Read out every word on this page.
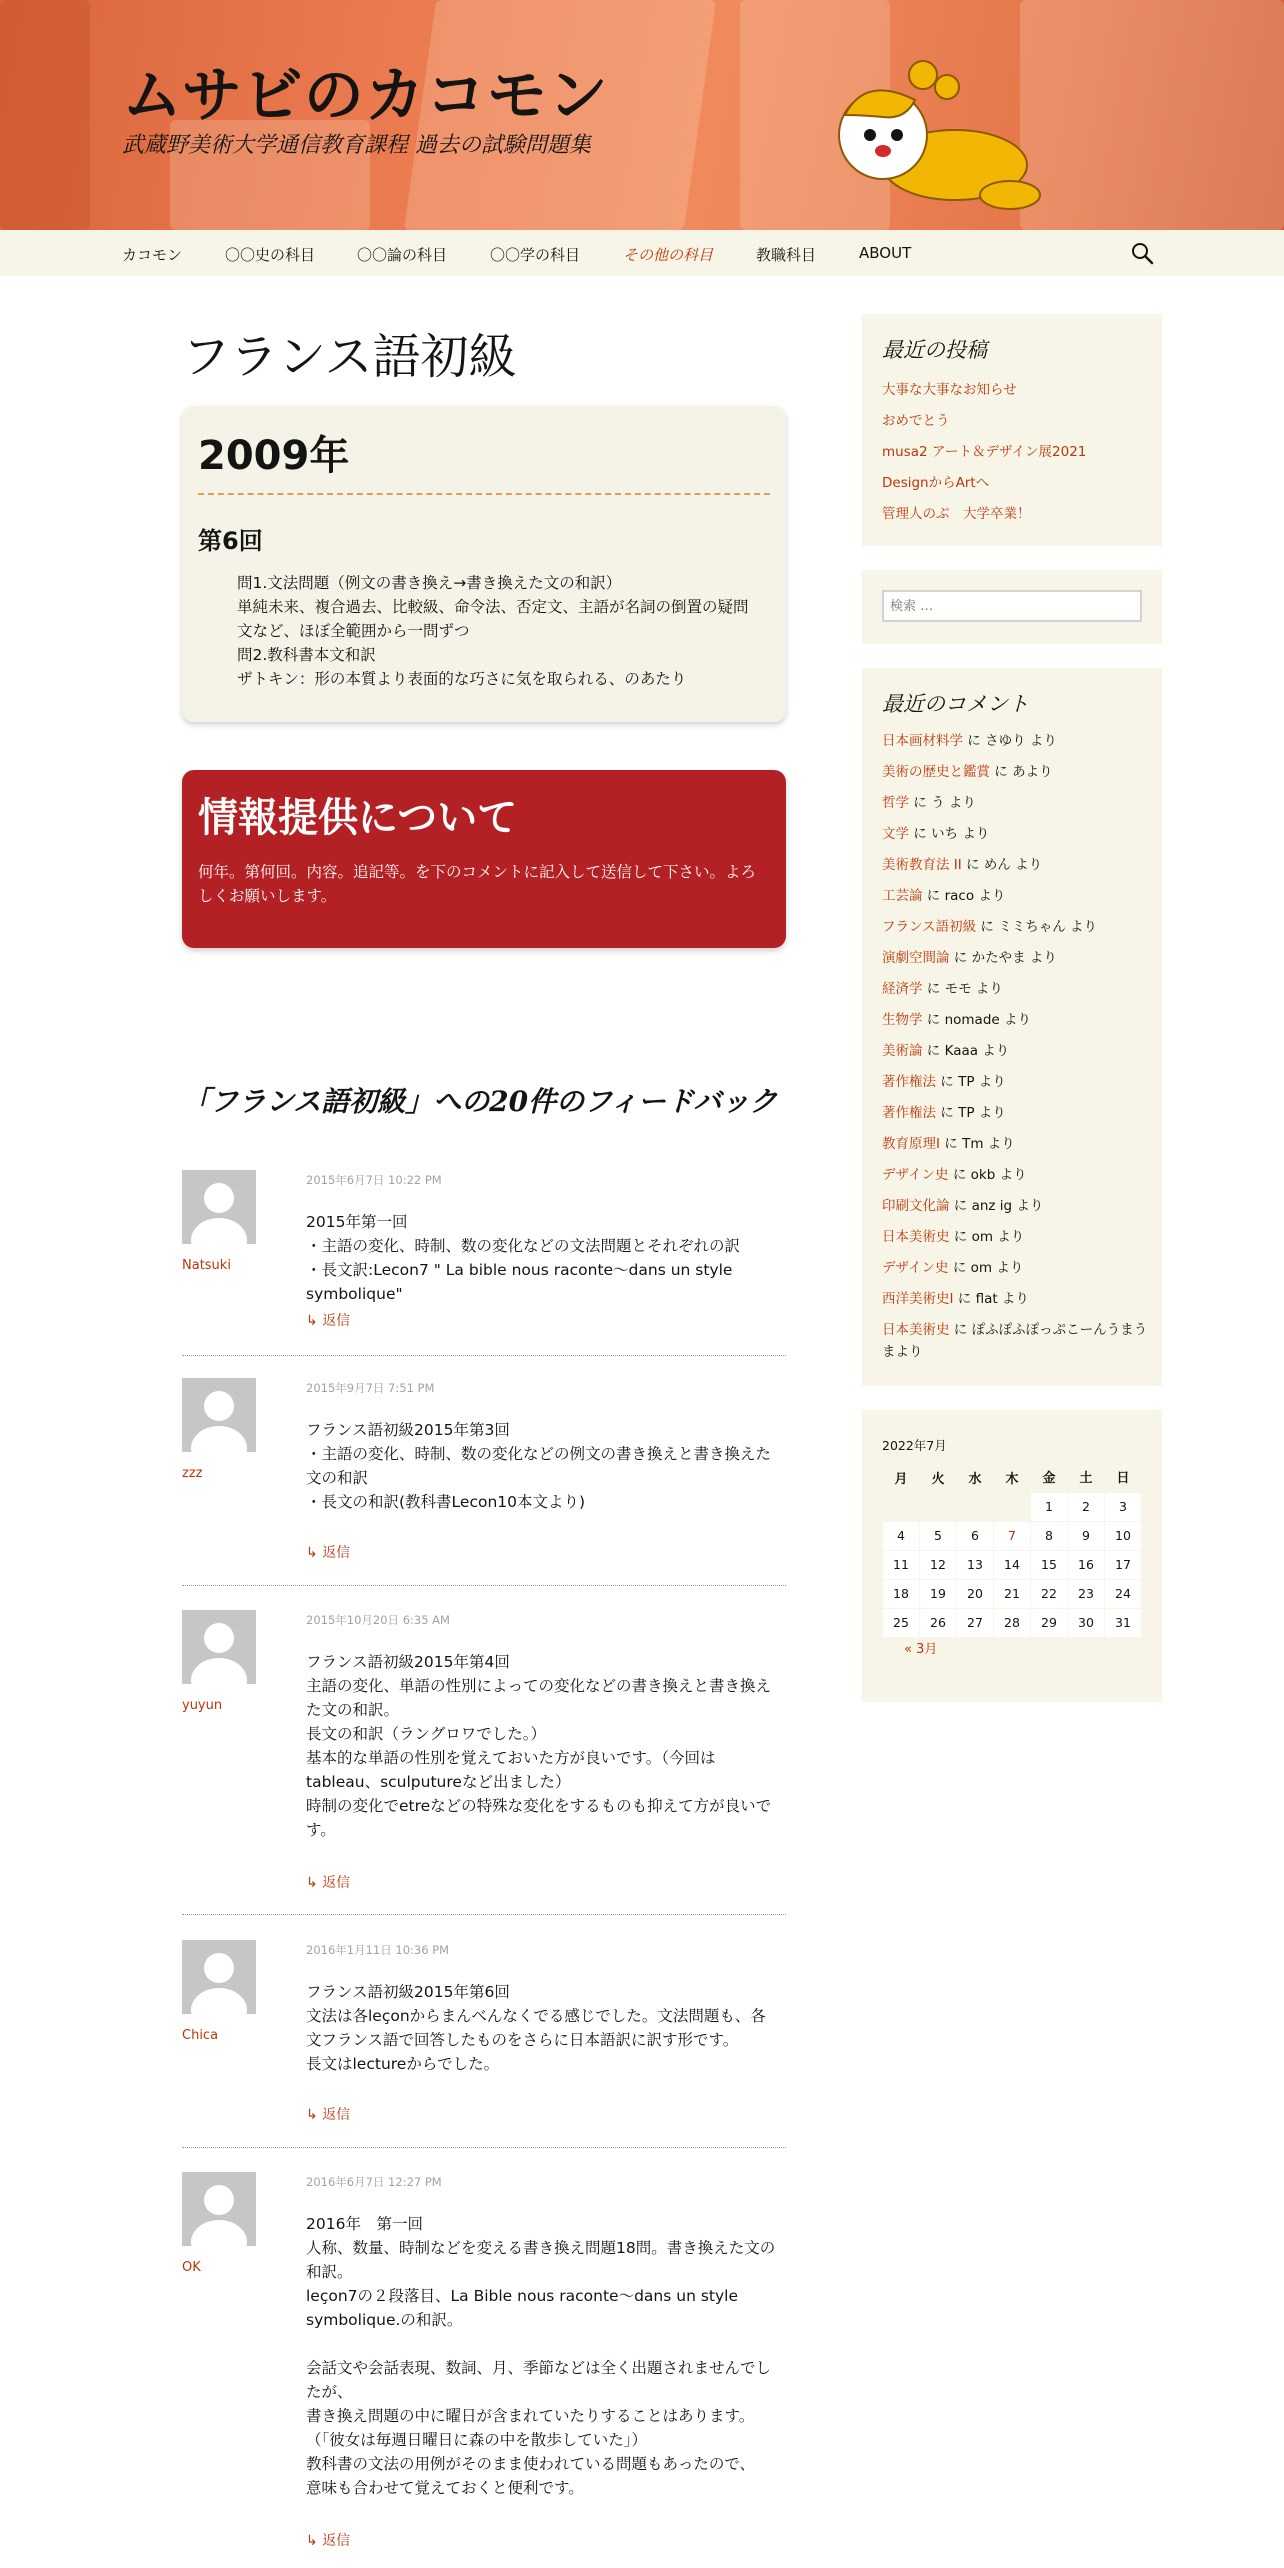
ムサビのカコモン
武蔵野美術大学通信教育課程 過去の試験問題集
カコモン	〇〇史の科目	〇〇論の科目	〇〇学の科目	その他の科目	教職科目	ABOUT
フランス語初級
2009年
第6回
問1.文法問題（例文の書き換え→書き換えた文の和訳）
単純未来、複合過去、比較級、命令法、否定文、主語が名詞の倒置の疑問
文など、ほぼ全範囲から一問ずつ
問2.教科書本文和訳
ザトキン：形の本質より表面的な巧さに気を取られる、のあたり
情報提供について
何年。第何回。内容。追記等。を下のコメントに記入して送信して下さい。よろしくお願いします。
「フランス語初級」への20件のフィードバック
Natsuki
2015年6月7日 10:22 PM
2015年第一回
・主語の変化、時制、数の変化などの文法問題とそれぞれの訳
・長文訳:Lecon7 " La bible nous raconte〜dans un style symbolique"
↳ 返信
zzz
2015年9月7日 7:51 PM
フランス語初級2015年第3回
・主語の変化、時制、数の変化などの例文の書き換えと書き換えた
文の和訳
・長文の和訳(教科書Lecon10本文より)
↳ 返信
yuyun
2015年10月20日 6:35 AM
フランス語初級2015年第4回
主語の変化、単語の性別によっての変化などの書き換えと書き換え
た文の和訳。
長文の和訳（ラングロワでした。）
基本的な単語の性別を覚えておいた方が良いです。（今回は
tableau、sculputureなど出ました）
時制の変化でetreなどの特殊な変化をするものも抑えて方が良いで
す。
↳ 返信
Chica
2016年1月11日 10:36 PM
フランス語初級2015年第6回
文法は各leçonからまんべんなくでる感じでした。文法問題も、各
文フランス語で回答したものをさらに日本語訳に訳す形です。
長文はlectureからでした。
↳ 返信
OK
2016年6月7日 12:27 PM
2016年　第一回
人称、数量、時制などを変える書き換え問題18問。書き換えた文の
和訳。
leçon7の２段落目、La Bible nous raconte〜dans un style
symbolique.の和訳。
会話文や会話表現、数詞、月、季節などは全く出題されませんでし
たが、
書き換え問題の中に曜日が含まれていたりすることはあります。
（「彼女は毎週日曜日に森の中を散歩していた」）
教科書の文法の用例がそのまま使われている問題もあったので、
意味も合わせて覚えておくと便利です。
↳ 返信
最近の投稿
大事な大事なお知らせ
おめでとう
musa2 アート＆デザイン展2021
DesignからArtへ
管理人のぶ　大学卒業！
検索 …
最近のコメント
日本画材料学 に さゆり より
美術の歴史と鑑賞 に あより
哲学 に う より
文学 に いち より
美術教育法 II に めん より
工芸論 に raco より
フランス語初級 に ミミちゃん より
演劇空間論 に かたやま より
経済学 に モモ より
生物学 に nomade より
美術論 に Kaaa より
著作権法 に TP より
著作権法 に TP より
教育原理Ⅰ に Tm より
デザイン史 に okb より
印刷文化論 に anz ig より
日本美術史 に om より
デザイン史 に om より
西洋美術史Ⅰ に flat より
日本美術史 に ぽふぽふぽっぷこーんうまうまより
2022年7月
月	火	水	木	金	土	日
				1	2	3
4	5	6	7	8	9	10
11	12	13	14	15	16	17
18	19	20	21	22	23	24
25	26	27	28	29	30	31
« 3月
